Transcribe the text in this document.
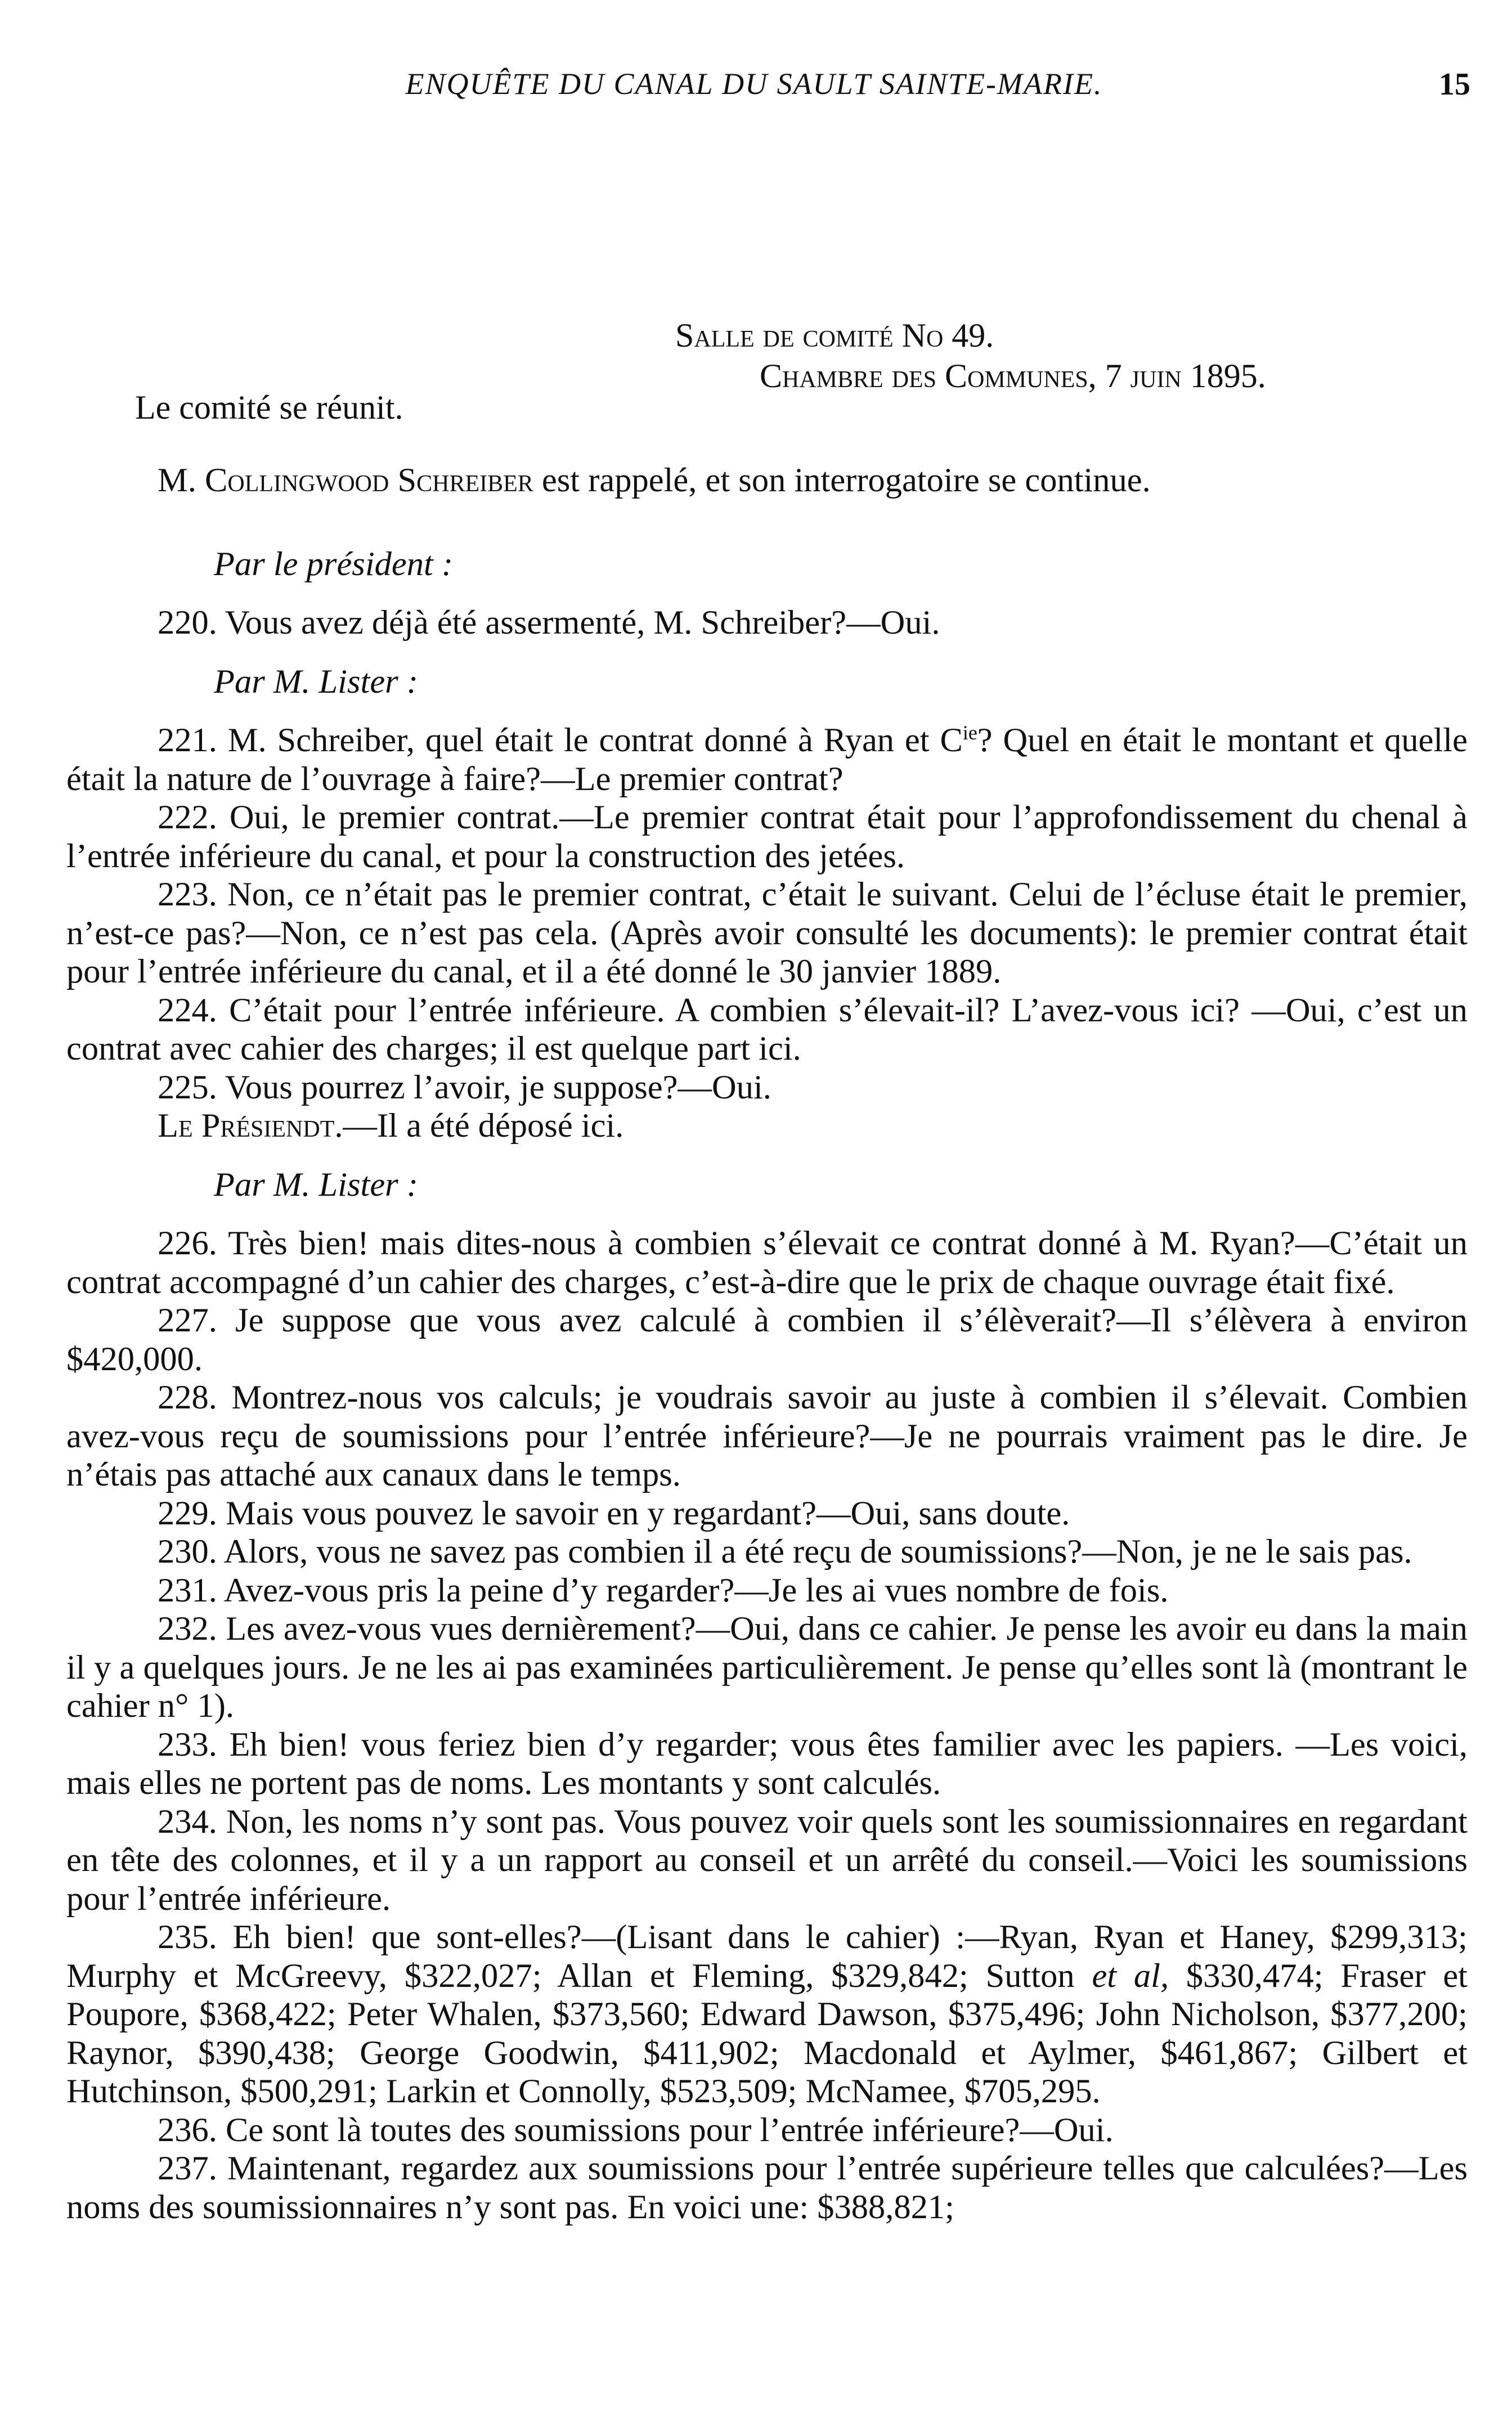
ENQUÊTE DU CANAL DU SAULT SAINTE-MARIE.	15
Salle de comité No 49.
Chambre des Communes, 7 juin 1895.
Le comité se réunit.

M. Collingwood Schreiber est rappelé, et son interrogatoire se continue.

Par le président :

220. Vous avez déjà été assermenté, M. Schreiber?—Oui.

Par M. Lister :

221. M. Schreiber, quel était le contrat donné à Ryan et $C^{ie}$? Quel en était le montant et quelle était la nature de l’ouvrage à faire?—Le premier contrat?

222. Oui, le premier contrat.—Le premier contrat était pour l’approfondissement du chenal à l’entrée inférieure du canal, et pour la construction des jetées.

223. Non, ce n’était pas le premier contrat, c’était le suivant. Celui de l’écluse était le premier, n’est-ce pas?—Non, ce n’est pas cela. (Après avoir consulté les documents): le premier contrat était pour l’entrée inférieure du canal, et il a été donné le 30 janvier 1889.

224. C’était pour l’entrée inférieure. A combien s’élevait-il? L’avez-vous ici? —Oui, c’est un contrat avec cahier des charges; il est quelque part ici.

225. Vous pourrez l’avoir, je suppose?—Oui.

Le Présiendt.—Il a été déposé ici.

Par M. Lister :

226. Très bien! mais dites-nous à combien s’élevait ce contrat donné à M. Ryan?—C’était un contrat accompagné d’un cahier des charges, c’est-à-dire que le prix de chaque ouvrage était fixé.

227. Je suppose que vous avez calculé à combien il s’élèverait?—Il s’élèvera à environ $420,000.

228. Montrez-nous vos calculs; je voudrais savoir au juste à combien il s’élevait. Combien avez-vous reçu de soumissions pour l’entrée inférieure?—Je ne pourrais vraiment pas le dire. Je n’étais pas attaché aux canaux dans le temps.

229. Mais vous pouvez le savoir en y regardant?—Oui, sans doute.

230. Alors, vous ne savez pas combien il a été reçu de soumissions?—Non, je ne le sais pas.

231. Avez-vous pris la peine d’y regarder?—Je les ai vues nombre de fois.

232. Les avez-vous vues dernièrement?—Oui, dans ce cahier. Je pense les avoir eu dans la main il y a quelques jours. Je ne les ai pas examinées particulièrement. Je pense qu’elles sont là (montrant le cahier n° 1).

233. Eh bien! vous feriez bien d’y regarder; vous êtes familier avec les papiers. —Les voici, mais elles ne portent pas de noms. Les montants y sont calculés.

234. Non, les noms n’y sont pas. Vous pouvez voir quels sont les soumissionnaires en regardant en tête des colonnes, et il y a un rapport au conseil et un arrêté du conseil.—Voici les soumissions pour l’entrée inférieure.

235. Eh bien! que sont-elles?—(Lisant dans le cahier) :—Ryan, Ryan et Haney, $299,313; Murphy et McGreevy, $322,027; Allan et Fleming, $329,842; Sutton et al, $330,474; Fraser et Poupore, $368,422; Peter Whalen, $373,560; Edward Dawson, $375,496; John Nicholson, $377,200; Raynor, $390,438; George Goodwin, $411,902; Macdonald et Aylmer, $461,867; Gilbert et Hutchinson, $500,291; Larkin et Connolly, $523,509; McNamee, $705,295.

236. Ce sont là toutes des soumissions pour l’entrée inférieure?—Oui.

237. Maintenant, regardez aux soumissions pour l’entrée supérieure telles que calculées?—Les noms des soumissionnaires n’y sont pas. En voici une: $388,821;
